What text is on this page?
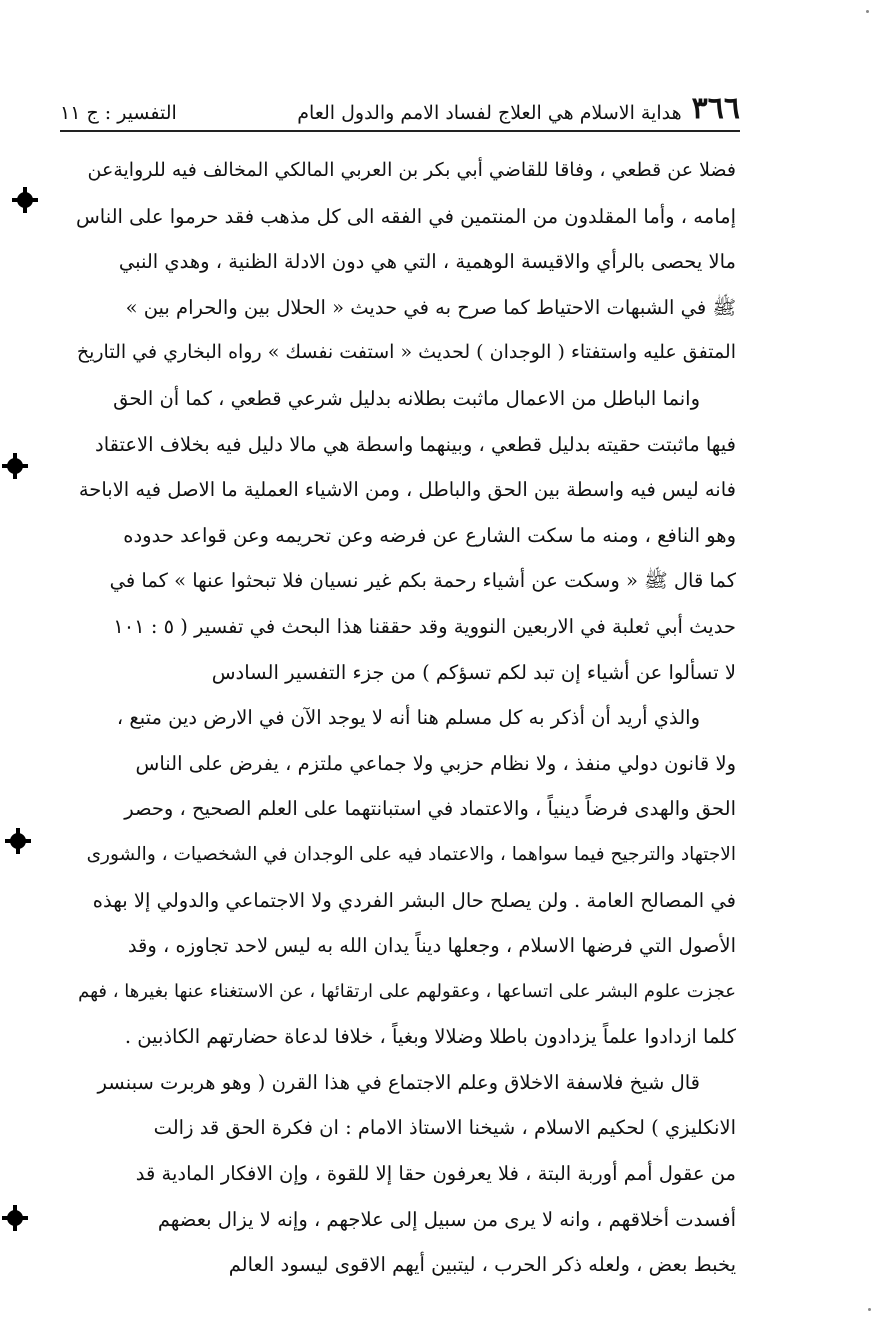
٣٦٦
هداية الاسلام هي العلاج لفساد الامم والدول العام
التفسير : ج ١١
فضلا عن قطعي ، وفاقا للقاضي أبي بكر بن العربي المالكي المخالف فيه للروايةعن
إمامه ، وأما المقلدون من المنتمين في الفقه الى كل مذهب فقد حرموا على الناس
مالا يحصى بالرأي والاقيسة الوهمية ، التي هي دون الادلة الظنية ، وهدي النبي
ﷺ في الشبهات الاحتياط كما صرح به في حديث « الحلال بين والحرام بين »
المتفق عليه واستفتاء ( الوجدان ) لحديث « استفت نفسك » رواه البخاري في التاريخ
وانما الباطل من الاعمال ماثبت بطلانه بدليل شرعي قطعي ، كما أن الحق
فيها ماثبتت حقيته بدليل قطعي ، وبينهما واسطة هي مالا دليل فيه بخلاف الاعتقاد
فانه ليس فيه واسطة بين الحق والباطل ، ومن الاشياء العملية ما الاصل فيه الاباحة
وهو النافع ، ومنه ما سكت الشارع عن فرضه وعن تحريمه وعن قواعد حدوده
كما قال ﷺ « وسكت عن أشياء رحمة بكم غير نسيان فلا تبحثوا عنها » كما في
حديث أبي ثعلبة في الاربعين النووية وقد حققنا هذا البحث في تفسير ( ٥ : ١٠١
لا تسألوا عن أشياء إن تبد لكم تسؤكم ) من جزء التفسير السادس
والذي أريد أن أذكر به كل مسلم هنا أنه لا يوجد الآن في الارض دين متبع ،
ولا قانون دولي منفذ ، ولا نظام حزبي ولا جماعي ملتزم ، يفرض على الناس
الحق والهدى فرضاً دينياً ، والاعتماد في استبانتهما على العلم الصحيح ، وحصر
الاجتهاد والترجيح فيما سواهما ، والاعتماد فيه على الوجدان في الشخصيات ، والشورى
في المصالح العامة . ولن يصلح حال البشر الفردي ولا الاجتماعي والدولي إلا بهذه
الأصول التي فرضها الاسلام ، وجعلها ديناً يدان الله به ليس لاحد تجاوزه ، وقد
عجزت علوم البشر على اتساعها ، وعقولهم على ارتقائها ، عن الاستغناء عنها بغيرها ، فهم
كلما ازدادوا علماً يزدادون باطلا وضلالا وبغياً ، خلافا لدعاة حضارتهم الكاذبين .
قال شيخ فلاسفة الاخلاق وعلم الاجتماع في هذا القرن ( وهو هربرت سبنسر
الانكليزي ) لحكيم الاسلام ، شيخنا الاستاذ الامام : ان فكرة الحق قد زالت
من عقول أمم أوربة البتة ، فلا يعرفون حقا إلا للقوة ، وإن الافكار المادية قد
أفسدت أخلاقهم ، وانه لا يرى من سبيل إلى علاجهم ، وإنه لا يزال بعضهم
يخبط بعض ، ولعله ذكر الحرب ، ليتبين أيهم الاقوى ليسود العالم
